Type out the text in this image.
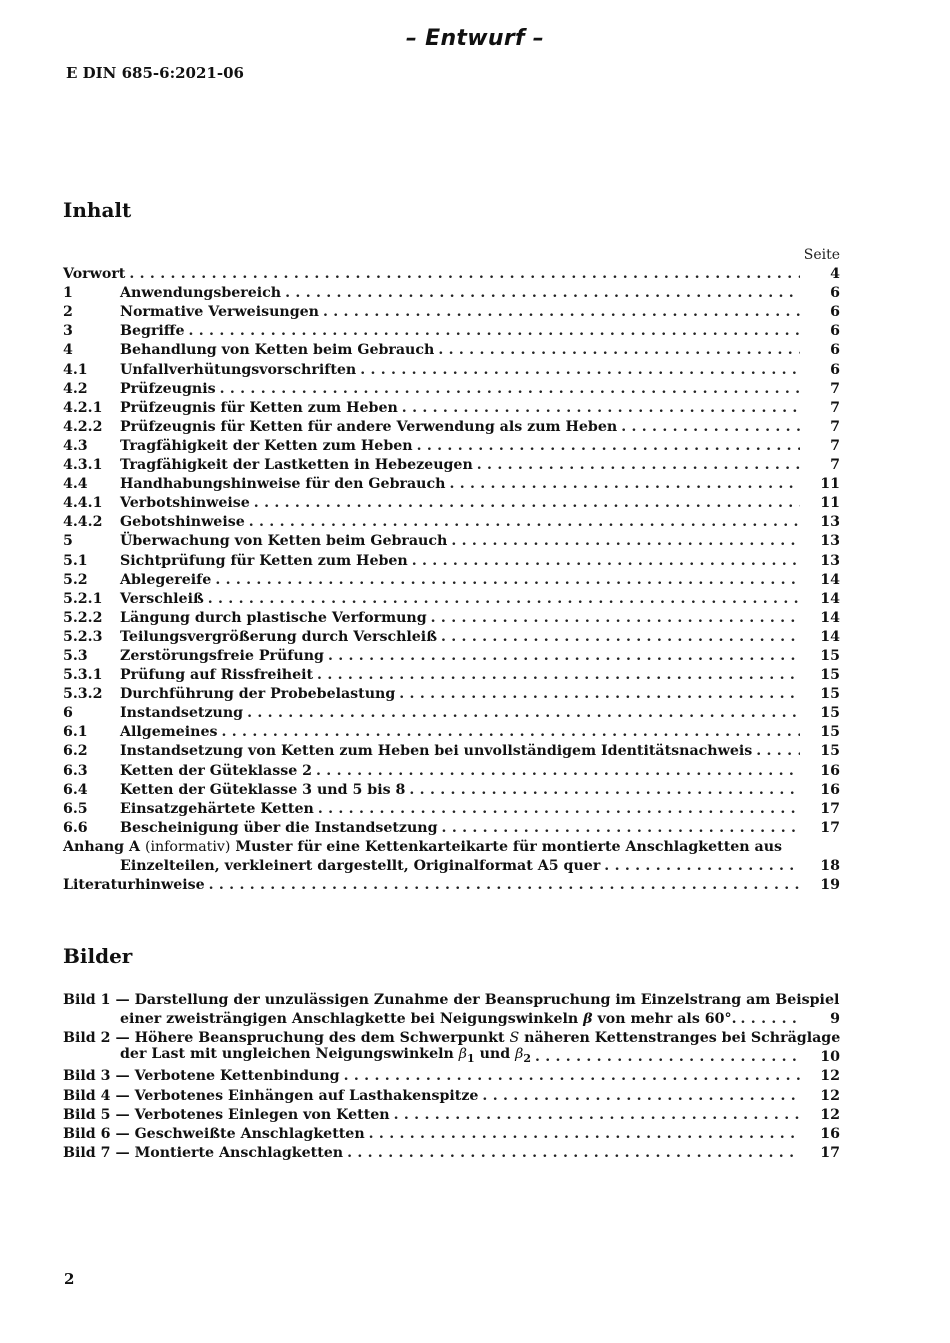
– Entwurf –
E DIN 685-6:2021-06
Inhalt
Seite
Vorwort . . .	4
1	Anwendungsbereich . . .	6
2	Normative Verweisungen . . .	6
3	Begriffe . . .	6
4	Behandlung von Ketten beim Gebrauch . . .	6
4.1	Unfallverhütungsvorschriften . . .	6
4.2	Prüfzeugnis . . .	7
4.2.1	Prüfzeugnis für Ketten zum Heben . . .	7
4.2.2	Prüfzeugnis für Ketten für andere Verwendung als zum Heben . . .	7
4.3	Tragfähigkeit der Ketten zum Heben . . .	7
4.3.1	Tragfähigkeit der Lastketten in Hebezeugen . . .	7
4.4	Handhabungshinweise für den Gebrauch . . .	11
4.4.1	Verbotshinweise . . .	11
4.4.2	Gebotshinweise . . .	13
5	Überwachung von Ketten beim Gebrauch . . .	13
5.1	Sichtprüfung für Ketten zum Heben . . .	13
5.2	Ablegereife . . .	14
5.2.1	Verschleiß . . .	14
5.2.2	Längung durch plastische Verformung . . .	14
5.2.3	Teilungsvergrößerung durch Verschleiß . . .	14
5.3	Zerstörungsfreie Prüfung . . .	15
5.3.1	Prüfung auf Rissfreiheit . . .	15
5.3.2	Durchführung der Probebelastung . . .	15
6	Instandsetzung . . .	15
6.1	Allgemeines . . .	15
6.2	Instandsetzung von Ketten zum Heben bei unvollständigem Identitätsnachweis . . .	15
6.3	Ketten der Güteklasse 2 . . .	16
6.4	Ketten der Güteklasse 3 und 5 bis 8 . . .	16
6.5	Einsatzgehärtete Ketten . . .	17
6.6	Bescheinigung über die Instandsetzung . . .	17
Anhang A (informativ) Muster für eine Kettenkarteikarte für montierte Anschlagketten aus
Einzelteilen, verkleinert dargestellt, Originalformat A5 quer . . .	18
Literaturhinweise . . .	19
Bilder
Bild 1 — Darstellung der unzulässigen Zunahme der Beanspruchung im Einzelstrang am Beispiel
einer zweisträngigen Anschlagkette bei Neigungswinkeln β von mehr als 60°. . . .	9
Bild 2 — Höhere Beanspruchung des dem Schwerpunkt S näheren Kettenstranges bei Schräglage
der Last mit ungleichen Neigungswinkeln $\beta_1$ und $\beta_2$ . . .	10
Bild 3 — Verbotene Kettenbindung . . .	12
Bild 4 — Verbotenes Einhängen auf Lasthakenspitze . . .	12
Bild 5 — Verbotenes Einlegen von Ketten . . .	12
Bild 6 — Geschweißte Anschlagketten . . .	16
Bild 7 — Montierte Anschlagketten . . .	17
2
